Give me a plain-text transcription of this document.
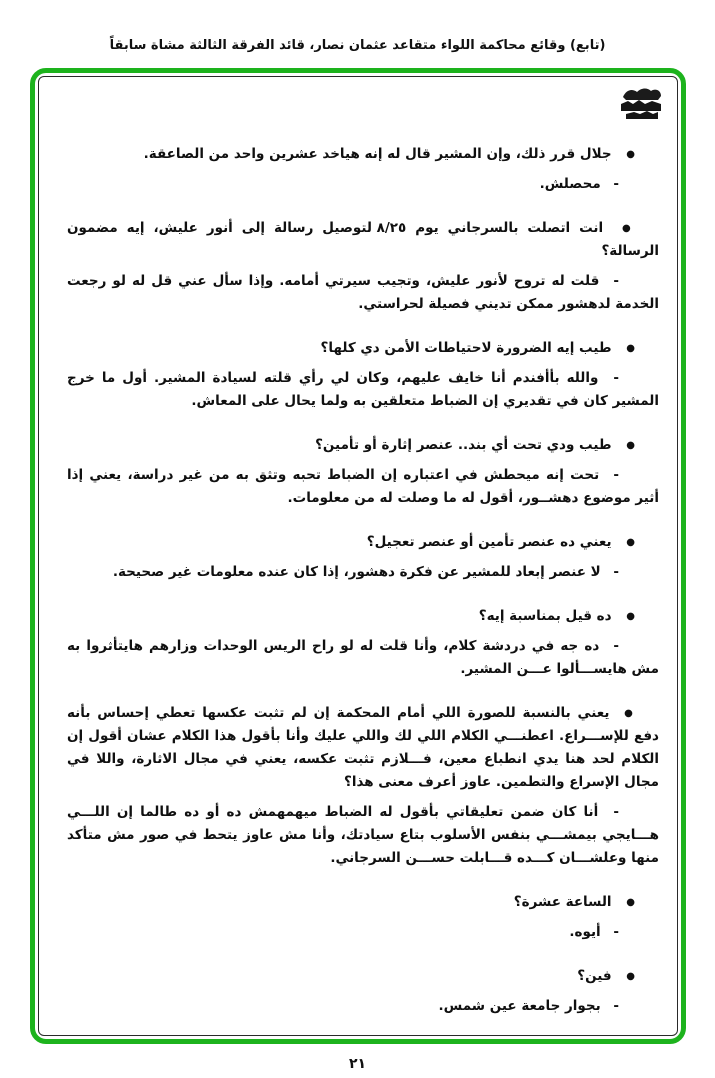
(تابع) وقائع محاكمة اللواء متقاعد عثمان نصار، قائد الفرقة الثالثة مشاة سابقاً

● جلال قرر ذلك، وإن المشير قال له إنه هياخد عشرين واحد من الصاعقة.

- محصلش.

● انت اتصلت بالسرجاني يوم ٨/٢٥ لتوصيل رسالة إلى أنور عليش، إيه مضمون الرسالة؟

- قلت له تروح لأنور عليش، وتجيب سيرتي أمامه. وإذا سأل عني قل له لو رجعت الخدمة لدهشور ممكن تديني فصيلة لحراستي.

● طيب إيه الضرورة لاحتياطات الأمن دي كلها؟

- والله بأأفندم أنا خايف عليهم، وكان لي رأي قلته لسيادة المشير. أول ما خرج المشير كان في تقديري إن الضباط متعلقين به ولما يحال على المعاش.

● طيب ودي تحت أي بند.. عنصر إثارة أو تأمين؟

- تحت إنه ميحطش في اعتباره إن الضباط تحبه وتثق به من غير دراسة، يعني إذا أثير موضوع دهشــور، أقول له ما وصلت له من معلومات.

● يعني ده عنصر تأمين أو عنصر تعجيل؟

- لا عنصر إبعاد للمشير عن فكرة دهشور، إذا كان عنده معلومات غير صحيحة.

● ده قيل بمناسبة إيه؟

- ده جه في دردشة كلام، وأنا قلت له لو راح الريس الوحدات وزارهم هايتأثروا به مش هايســـألوا عـــن المشير.

● يعني بالنسبة للصورة اللي أمام المحكمة إن لم تثبت عكسها تعطي إحساس بأنه دفع للإســـراع. اعطنـــي الكلام اللي لك واللي عليك وأنا بأقول هذا الكلام عشان أقول إن الكلام لحد هنا يدي انطباع معين، فـــلازم تثبت عكسه، يعني في مجال الاثارة، واللا في مجال الإسراع والتطمين. عاوز أعرف معنى هذا؟

- أنا كان ضمن تعليقاتي بأقول له الضباط ميهمهمش ده أو ده طالما إن اللـــي هـــايجي بيمشـــي بنفس الأسلوب بتاع سيادتك، وأنا مش عاوز يتحط في صور مش متأكد منها وعلشـــان كـــده قـــابلت حســـن السرجاني.

● الساعة عشرة؟

- أيوه.

● فين؟

- بجوار جامعة عين شمس.

٢١
